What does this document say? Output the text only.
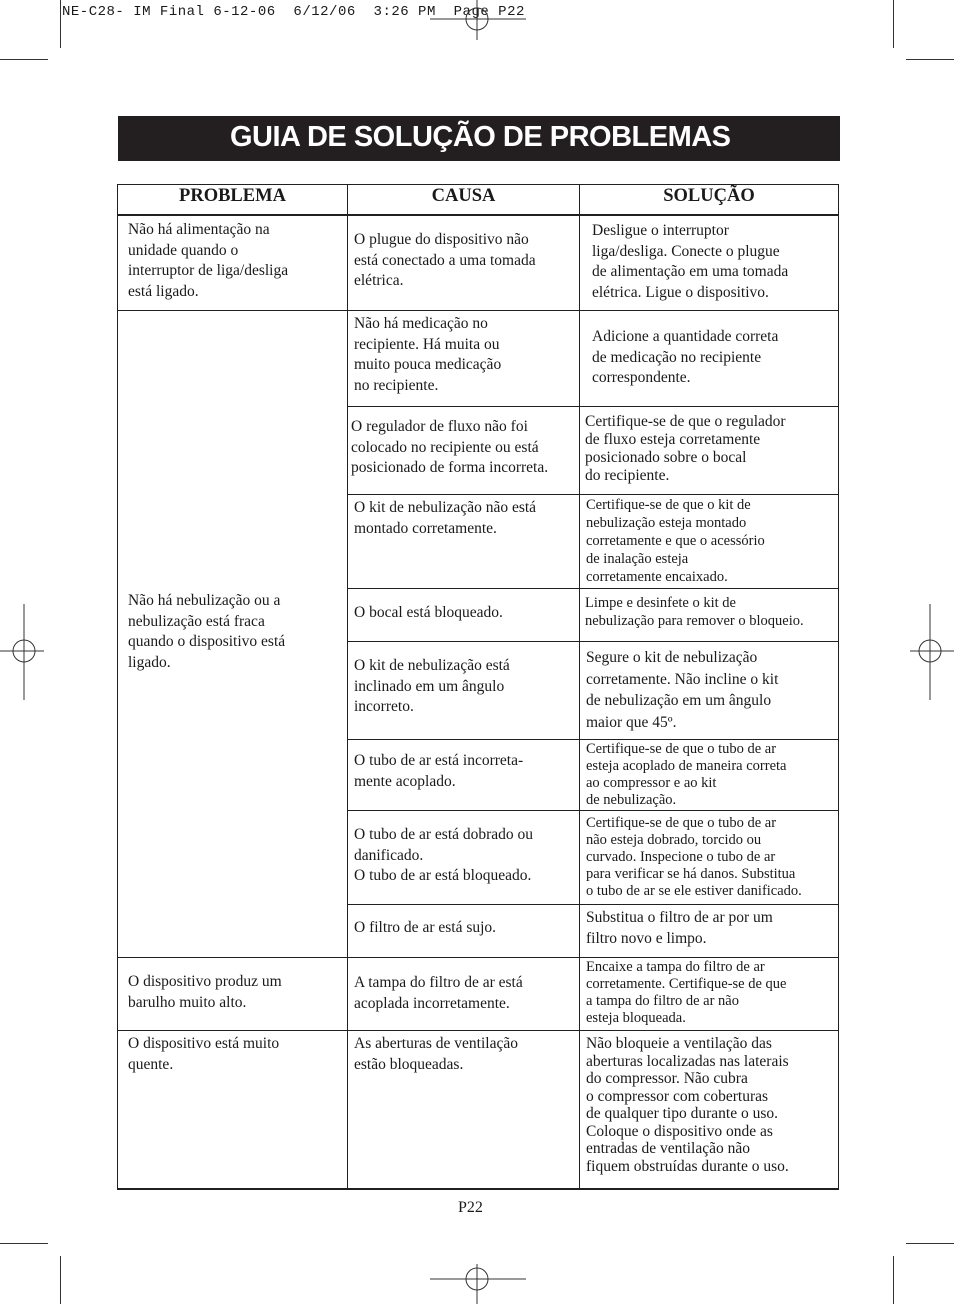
NE-C28- IM Final 6-12-06  6/12/06  3:26 PM  Page P22
GUIA DE SOLUÇÃO DE PROBLEMAS
PROBLEMA	CAUSA	SOLUÇÃO
Não há alimentação na
unidade quando o
interruptor de liga/desliga
está ligado.
Não há nebulização ou a
nebulização está fraca
quando o dispositivo está
ligado.
O dispositivo produz um
barulho muito alto.
O dispositivo está muito
quente.
O plugue do dispositivo não
está conectado a uma tomada
elétrica.
Não há medicação no
recipiente. Há muita ou
muito pouca medicação
no recipiente.
O regulador de fluxo não foi
colocado no recipiente ou está
posicionado de forma incorreta.
O kit de nebulização não está
montado corretamente.
O bocal está bloqueado.
O kit de nebulização está
inclinado em um ângulo
incorreto.
O tubo de ar está incorreta-
mente acoplado.
O tubo de ar está dobrado ou
danificado.
O tubo de ar está bloqueado.
O filtro de ar está sujo.
A tampa do filtro de ar está
acoplada incorretamente.
As aberturas de ventilação
estão bloqueadas.
Desligue o interruptor
liga/desliga. Conecte o plugue
de alimentação em uma tomada
elétrica. Ligue o dispositivo.
Adicione a quantidade correta
de medicação no recipiente
correspondente.
Certifique-se de que o regulador
de fluxo esteja corretamente
posicionado sobre o bocal
do recipiente.
Certifique-se de que o kit de
nebulização esteja montado
corretamente e que o acessório
de inalação esteja
corretamente encaixado.
Limpe e desinfete o kit de
nebulização para remover o bloqueio.
Segure o kit de nebulização
corretamente. Não incline o kit
de nebulização em um ângulo
maior que 45º.
Certifique-se de que o tubo de ar
esteja acoplado de maneira correta
ao compressor e ao kit
de nebulização.
Certifique-se de que o tubo de ar
não esteja dobrado, torcido ou
curvado. Inspecione o tubo de ar
para verificar se há danos. Substitua
o tubo de ar se ele estiver danificado.
Substitua o filtro de ar por um
filtro novo e limpo.
Encaixe a tampa do filtro de ar
corretamente. Certifique-se de que
a tampa do filtro de ar não
esteja bloqueada.
Não bloqueie a ventilação das
aberturas localizadas nas laterais
do compressor. Não cubra
o compressor com coberturas
de qualquer tipo durante o uso.
Coloque o dispositivo onde as
entradas de ventilação não
fiquem obstruídas durante o uso.
P22
